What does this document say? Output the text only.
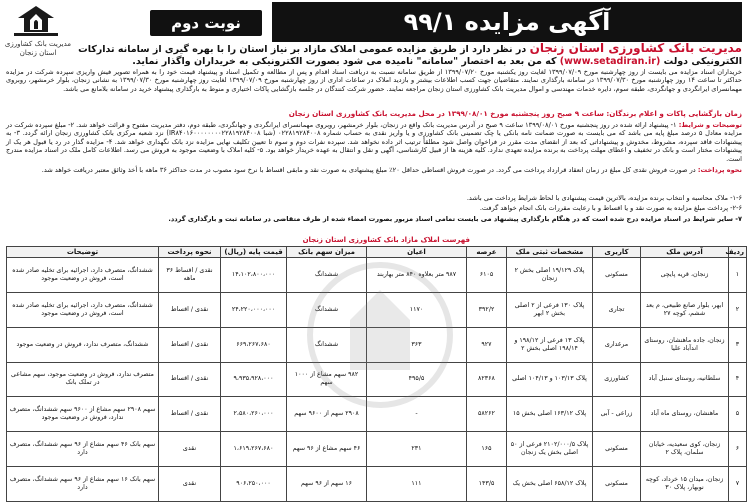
مدیریت بانک کشاورزی استان زنجان
نوبت دوم	آگهی مزایده ۹۹/۱
مدیریت بانک کشاورزی استان زنجان در نظر دارد از طریق مزایده عمومی املاک مازاد بر نیاز استان را با بهره گیری از سامانه تدارکات الکترونیکی دولت (www.setadiran.ir) که من بعد به اختصار "سامانه" نامیده می شود بصورت الکترونیکی به خریداران واگذار نماید.
خریداران اسناد مزایده می بایست از روز چهارشنبه مورخ ۱۳۹۹/۰۷/۰۹ لغایت روز یکشنبه مورخ ۱۳۹۹/۰۷/۲۰ از طریق سامانه نسبت به دریافت اسناد اقدام و پس از مطالعه و تکمیل اسناد و پیشنهاد قیمت خود را به همراه تصویر فیش واریزی سپرده شرکت در مزایده حداکثر تا ساعت ۱۴ روز چهارشنبه مورخ ۱۳۹۹/۰۷/۳۰ در سامانه بارگذاری نمایند. متقاضیان جهت کسب اطلاعات بیشتر و بازدید املاک در ساعات اداری از روز چهارشنبه مورخ ۱۳۹۹/۰۷/۰۹ لغایت روز چهارشنبه مورخ ۱۳۹۹/۰۷/۳۰ به نشانی زنجان، بلوار خرمشهر، روبروی مهمانسرای ایرانگردی و جهانگردی، طبقه سوم، دایره خدمات مهندسی و اموال مدیریت بانک کشاورزی استان زنجان مراجعه نمایند. حضور شرکت کنندگان در جلسه بازگشایی پاکات اختیاری و منوط به بارگذاری پیشنهاد خرید در سامانه بلامانع می باشد.
زمان بازگشایی پاکات و اعلام برندگان: ساعت ۹ صبح روز پنجشنبه مورخ ۱۳۹۹/۰۸/۰۱ در محل مدیریت بانک کشاورزی استان زنجان
توضیحات و شرایط: ۱- پیشنهاد ارائه شده در روز پنجشنبه مورخ ۱۳۹۹/۰۸/۰۱ ساعت ۹ صبح در آدرس مدیریت بانک واقع در زنجان، بلوار خرمشهر، روبروی مهمانسرای ایرانگردی و جهانگردی، طبقه دوم، دفتر مدیریت مفتوح و قرائت خواهد شد. ۲- مبلغ سپرده شرکت در مزایده معادل ۵ درصد مبلغ پایه می باشد که می بایست به صورت ضمانت نامه بانکی یا چک تضمینی بانک کشاورزی و یا واریز نقدی به حساب شماره ۰۲۲۸۱۹۲۸۴۰۰۸ (شبا IR۸۴۰۱۶۰۰۰۰۰۰۰۰۲۲۸۱۹۲۸۴۰۰۸) نزد شعبه مرکزی بانک کشاورزی زنجان ارائه گردد. ۳- به پیشنهادات فاقد سپرده، مشروط، مخدوش و پیشنهاداتی که بعد از انقضای مدت مقرر در فراخوان واصل شود مطلقاً ترتیب اثر داده نخواهد شد. سپرده نفرات دوم و سوم تا تعیین تکلیف نهایی مزایده نزد بانک نگهداری خواهد شد. ۴- مزایده گذار در رد یا قبول هر یک از پیشنهادات مختار است و بانک در تخفیف و اعطای مهلت پرداخت به برنده مزایده تعهدی ندارد. کلیه هزینه ها از قبیل کارشناسی، آگهی و نقل و انتقال به عهده خریدار خواهد بود. ۵- کلیه املاک با وضعیت موجود به فروش می رسد. اطلاعات کامل ملک در اسناد مزایده مندرج است.
نحوه پرداخت: در صورت فروش نقدی کل مبلغ در زمان انعقاد قرارداد پرداخت می گردد. در صورت فروش اقساطی حداقل ۲۰٪ مبلغ پیشنهادی به صورت نقد و مابقی اقساط با نرخ سود مصوب در مدت حداکثر ۳۶ ماهه با أخذ وثائق معتبر دریافت خواهد شد.
۱-۶- ملاک محاسبه و انتخاب برنده مزایده، بالاترین قیمت پیشنهادی با لحاظ شرایط پرداخت می باشد.
۲-۶- پرداخت مبلغ مزایده به صورت نقد و یا اقساط و با رعایت مقررات بانک انجام خواهد گرفت.
۷- سایر شرایط در اسناد مزایده درج شده است که در هنگام بارگذاری پیشنهاد می بایست تمامی اسناد مزبور بصورت امضاء شده از طرف متقاضی در سامانه ثبت و بارگذاری گردد.
فهرست املاک مازاد بانک کشاورزی استان زنجان
ردیف	آدرس ملک	کاربری	مشخصات ثبتی ملک	عرصه	اعیان	میزان سهم بانک	قیمت پایه (ریال)	نحوه پرداخت	توضیحات
۱	زنجان، قریه پایچی	مسکونی	پلاک ۱۹/۱۲۹ اصلی بخش ۲ زنجان	۶۱۰۵	۹۸۷ متر بعلاوه ۸۴۰ متر بهاربند	ششدانگ	۱۴،۱۰۲،۸۰۰،۰۰۰	نقدی / اقساط ۳۶ ماهه	ششدانگ، متصرف دارد، اجرائیه برای تخلیه صادر شده است، فروش در وضعیت موجود
۲	ابهر، بلوار صانع طبیعی، م‌ بعد ششم، کوچه ۲۷	تجاری	پلاک ۱۳۰ فرعی از ۲ اصلی بخش ۲ ابهر	۳۹۲/۲	۱۱۷۰	ششدانگ	۲۴،۲۲۰،۰۰۰،۰۰۰	نقدی / اقساط	ششدانگ، متصرف دارد، اجرائیه برای تخلیه صادر شده است، فروش در وضعیت موجود
۳	زنجان، جاده ماهنشان، روستای اندآباد علیا	مرغداری	پلاک ۱۳ فرعی از ۱۹۸/۱۲ و ۱۹۸/۱۴ اصلی بخش ۲	۹۲۷	۳۶۳	ششدانگ	۶۶۹،۲۶۷،۶۸۰	نقدی / اقساط	ششدانگ، متصرف ندارد، فروش در وضعیت موجود
۴	سلطانیه، روستای سنبل آباد	کشاورزی	پلاک ۱۰۳/۱۳ و ۱۰۴/۱۳ اصلی	۸۲۳۶۸	۴۹۵/۵	۹۸۲ سهم مشاع از ۱۰۰۰ سهم	۹،۹۳۵،۹۲۸،۰۰۰	نقدی / اقساط	متصرف ندارد، فروش در وضعیت موجود، سهم مشاعی در تملک بانک
۵	ماهنشان، روستای ماه آباد	زراعی - آبی	پلاک ۱۶۳/۱۲ اصلی بخش ۱۵	۵۸۲۶۲	-	۲۹۰۸ سهم از ۹۶۰۰ سهم	۲،۵۸۰،۲۶۰،۰۰۰	نقدی / اقساط	سهم ۲۹۰۸ سهم مشاع از ۹۶۰۰ سهم ششدانگ، متصرف ندارد، فروش در وضعیت موجود
۶	زنجان، کوی سعیدیه، خیابان سلمان، پلاک ۲	مسکونی	پلاک ۲۱۰۲/۰۰۰/۵ فرعی از ۵۰ اصلی بخش یک زنجان	۱۶۵	۲۳۱	۴۶ سهم مشاع از ۹۶ سهم	۱،۶۱۹،۲۶۷،۶۸۰	نقدی	سهم بانک ۴۶ سهم مشاع از ۹۶ سهم ششدانگ، متصرف دارد
۷	زنجان، میدان ۱۵ خرداد، کوچه نوبهار، پلاک ۳۰	مسکونی	پلاک ۶۵۸/۱۲ اصلی بخش یک	۱۴۳/۵	۱۱۱	۱۶ سهم از ۹۶ سهم	۹۰۶،۲۵۰،۰۰۰	نقدی	سهم بانک ۱۶ سهم مشاع از ۹۶ سهم ششدانگ، متصرف دارد
